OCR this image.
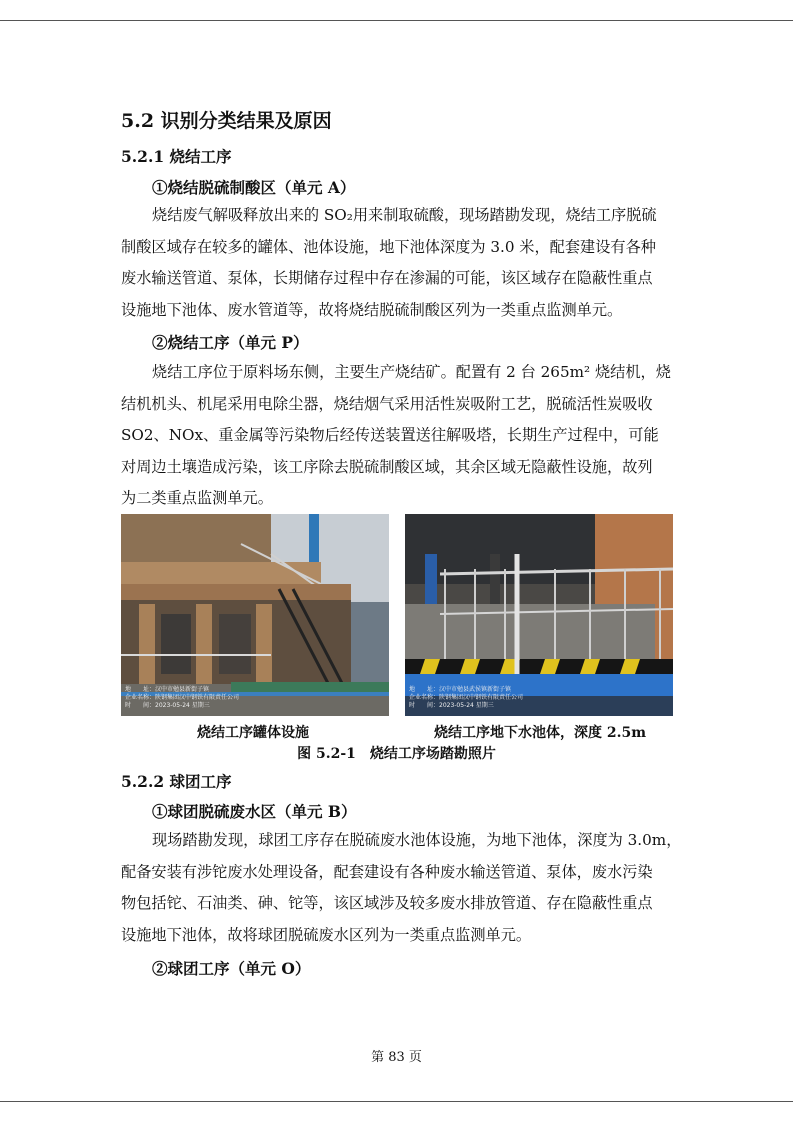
5.2 识别分类结果及原因
5.2.1 烧结工序
①烧结脱硫制酸区（单元 A）
烧结废气解吸释放出来的 SO₂用来制取硫酸，现场踏勘发现，烧结工序脱硫
制酸区域存在较多的罐体、池体设施，地下池体深度为 3.0 米，配套建设有各种
废水输送管道、泵体，长期储存过程中存在渗漏的可能，该区域存在隐蔽性重点
设施地下池体、废水管道等，故将烧结脱硫制酸区列为一类重点监测单元。
②烧结工序（单元 P）
烧结工序位于原料场东侧，主要生产烧结矿。配置有 2 台 265m² 烧结机，烧
结机机头、机尾采用电除尘器，烧结烟气采用活性炭吸附工艺，脱硫活性炭吸收
SO2、NOx、重金属等污染物后经传送装置送往解吸塔，长期生产过程中，可能
对周边土壤造成污染，该工序除去脱硫制酸区域，其余区域无隐蔽性设施，故列
为二类重点监测单元。
地　　址：汉中市勉县新街子镇
企业名称：陕钢集团汉中钢铁有限责任公司
时　　间：2023-05-24 星期三
地　　址：汉中市勉县武侯镇新街子镇
企业名称：陕钢集团汉中钢铁有限责任公司
时　　间：2023-05-24 星期三

烧结工序罐体设施	烧结工序地下水池体，深度 2.5m

图 5.2-1　烧结工序场踏勘照片

5.2.2 球团工序
①球团脱硫废水区（单元 B）
现场踏勘发现，球团工序存在脱硫废水池体设施，为地下池体，深度为 3.0m，
配备安装有涉铊废水处理设备，配套建设有各种废水输送管道、泵体，废水污染
物包括铊、石油类、砷、铊等，该区域涉及较多废水排放管道、存在隐蔽性重点
设施地下池体，故将球团脱硫废水区列为一类重点监测单元。
②球团工序（单元 O）
第 83 页
